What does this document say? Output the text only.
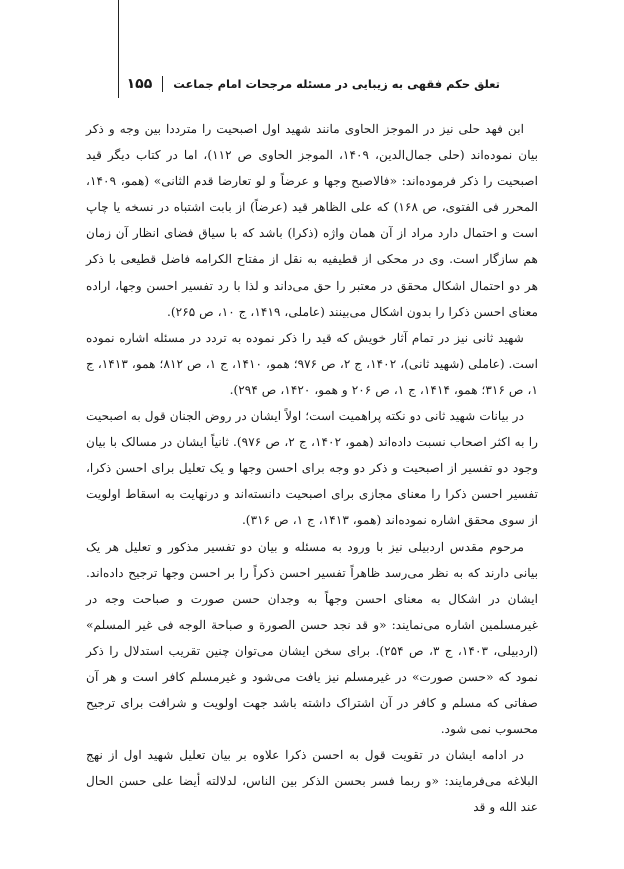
تعلق حکم فقهی به زیبایی در مسئله مرجحات امام جماعت
۱۵۵

ابن فهد حلی نیز در الموجز الحاوی مانند شهید اول اصبحیت را مترددا بین وجه و ذکر بیان نموده‌اند (حلی جمال‌الدین، ۱۴۰۹، الموجز الحاوی ص ۱۱۲)، اما در کتاب دیگر قید اصبحیت را ذکر فرموده‌اند: «فالاصبح وجها و عرضاً و لو تعارضا قدم الثانی» (همو، ۱۴۰۹، المحرر فی الفتوی، ص ۱۶۸) که علی الظاهر قید (عرضاً) از بابت اشتباه در نسخه یا چاپ است و احتمال دارد مراد از آن همان واژه (ذکرا) باشد که با سیاق فضای انظار آن زمان هم سازگار است. وی در محکی از قطیفیه به نقل از مفتاح الکرامه فاضل قطیعی با ذکر هر دو احتمال اشکال محقق در معتبر را حق می‌داند و لذا با رد تفسیر احسن وجها، اراده معنای احسن ذکرا را بدون اشکال می‌بینند (عاملی، ۱۴۱۹، ج ۱۰، ص ۲۶۵).

شهید ثانی نیز در تمام آثار خویش که قید را ذکر نموده به تردد در مسئله اشاره نموده است. (عاملی (شهید ثانی)، ۱۴۰۲، ج ۲، ص ۹۷۶؛ همو، ۱۴۱۰، ج ۱، ص ۸۱۲؛ همو، ۱۴۱۳، ج ۱، ص ۳۱۶؛ همو، ۱۴۱۴، ج ۱، ص ۲۰۶ و همو، ۱۴۲۰، ص ۲۹۴).

در بیانات شهید ثانی دو نکته پراهمیت است؛ اولاً ایشان در روض الجنان قول به اصبحیت را به اکثر اصحاب نسبت داده‌اند (همو، ۱۴۰۲، ج ۲، ص ۹۷۶). ثانیاً ایشان در مسالک با بیان وجود دو تفسیر از اصبحیت و ذکر دو وجه برای احسن وجها و یک تعلیل برای احسن ذکرا، تفسیر احسن ذکرا را معنای مجازی برای اصبحیت دانسته‌اند و درنهایت به اسقاط اولویت از سوی محقق اشاره نموده‌اند (همو، ۱۴۱۳، ج ۱، ص ۳۱۶).

مرحوم مقدس اردبیلی نیز با ورود به مسئله و بیان دو تفسیر مذکور و تعلیل هر یک بیانی دارند که به نظر می‌رسد ظاهراً تفسیر احسن ذکراً را بر احسن وجها ترجیح داده‌اند. ایشان در اشکال به معنای احسن وجهاً به وجدان حسن صورت و صباحت وجه در غیرمسلمین اشاره می‌نمایند: «و قد نجد حسن الصورة و صباحة الوجه فی غیر المسلم» (اردبیلی، ۱۴۰۳، ج ۳، ص ۲۵۴). برای سخن ایشان می‌توان چنین تقریب استدلال را ذکر نمود که «حسن صورت» در غیرمسلم نیز یافت می‌شود و غیرمسلم کافر است و هر آن صفاتی که مسلم و کافر در آن اشتراک داشته باشد جهت اولویت و شرافت برای ترجیح محسوب نمی‌ شود.

در ادامه ایشان در تقویت قول به احسن ذکرا علاوه بر بیان تعلیل شهید اول از نهج البلاغه می‌فرمایند: «و ربما فسر بحسن الذکر بین الناس، لدلالته أیضا علی حسن الحال عند الله و قد
